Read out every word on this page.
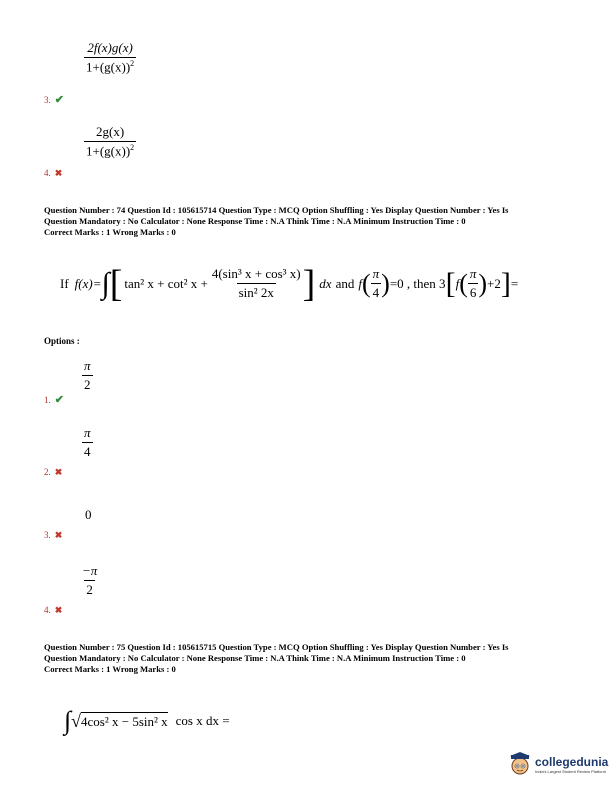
$\frac{2f(x)g(x)}{1+(g(x))^2}$
3. ✔
$\frac{2g(x)}{1+(g(x))^2}$
4. ✖
Question Number : 74 Question Id : 105615714 Question Type : MCQ Option Shuffling : Yes Display Question Number : Yes Is
Question Mandatory : No Calculator : None Response Time : N.A Think Time : N.A Minimum Instruction Time : 0
Correct Marks : 1 Wrong Marks : 0
If f(x)= ∫ [ tan² x + cot² $x + \frac{\text{4(sin³ x + cos³ x)}}{\text{sin² 2x}}$ ] dx and f ( $\frac{\pi}{4}$ ) =0 , then 3 [ f ( $\frac{\pi}{6}$ ) +2 ] =
Options :
$\frac{\pi}{2}$
1. ✔
$\frac{\pi}{4}$
2. ✖
0
3. ✖
$\frac{-\pi}{2}$
4. ✖
Question Number : 75 Question Id : 105615715 Question Type : MCQ Option Shuffling : Yes Display Question Number : Yes Is
Question Mandatory : No Calculator : None Response Time : N.A Think Time : N.A Minimum Instruction Time : 0
Correct Marks : 1 Wrong Marks : 0
∫ √ 4cos² x − 5sin² x cos x dx =
collegedunia
India's Largest Student Review Platform
